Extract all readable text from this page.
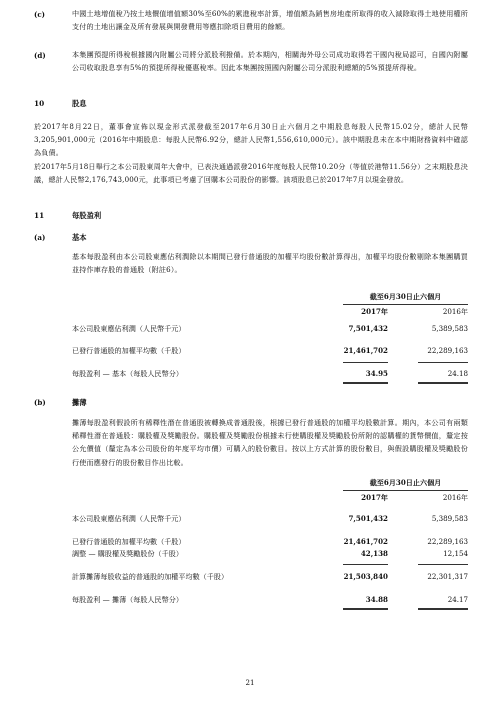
(c)	中國土地增值稅乃按土地價值增值額30%至60%的累進稅率計算，增值額為銷售房地產所取得的收入減除取得土地使用權所支付的土地出讓金及所有發展與開發費用等應扣除項目費用的餘額。
(d)	本集團預提所得稅根據國內附屬公司將分派股利撥備。於本期內，相關海外母公司成功取得若干國內稅局認可，自國內附屬公司收取股息享有5%的預提所得稅優惠稅率。因此本集團按照國內附屬公司分派股利總額的5%預提所得稅。
10	股息
於2017年8月22日，董事會宣佈以現金形式派發截至2017年6月30日止六個月之中期股息每股人民幣15.02分，總計人民幣3,205,901,000元（2016年中期股息：每股人民幣6.92分，總計人民幣1,556,610,000元）。該中期股息未在本中期財務資料中確認為負債。
於2017年5月18日舉行之本公司股東周年大會中，已表決通過派發2016年度每股人民幣10.20分（等值於港幣11.56分）之末期股息決議，總計人民幣2,176,743,000元，此事項已考慮了回購本公司股份的影響。該項股息已於2017年7月以現金發放。
11	每股盈利
(a)	基本
基本每股盈利由本公司股東應佔利潤除以本期間已發行普通股的加權平均股份數計算得出，加權平均股份數剔除本集團購買並持作庫存股的普通股（附註6）。
截至6月30日止六個月
2017年	2016年
本公司股東應佔利潤（人民幣千元）	7,501,432	5,389,583
已發行普通股的加權平均數（千股）	21,461,702	22,289,163
每股盈利 — 基本（每股人民幣分）	34.95	24.18
(b)	攤薄
攤薄每股盈利假設所有稀釋性潛在普通股被轉換成普通股後，根據已發行普通股的加權平均股數計算。期內，本公司有兩類稀釋性潛在普通股：購股權及獎勵股份。購股權及獎勵股份根據未行使購股權及獎勵股份所附的認購權的貨幣價值，釐定按公允價值（釐定為本公司股份的年度平均市價）可購入的股份數目。按以上方式計算的股份數目，與假設購股權及獎勵股份行使而應發行的股份數目作出比較。
截至6月30日止六個月
2017年	2016年
本公司股東應佔利潤（人民幣千元）	7,501,432	5,389,583
已發行普通股的加權平均數（千股）	21,461,702	22,289,163
調整 — 購股權及獎勵股份（千股）	42,138	12,154
計算攤薄每股收益的普通股的加權平均數（千股）	21,503,840	22,301,317
每股盈利 — 攤薄（每股人民幣分）	34.88	24.17
21
